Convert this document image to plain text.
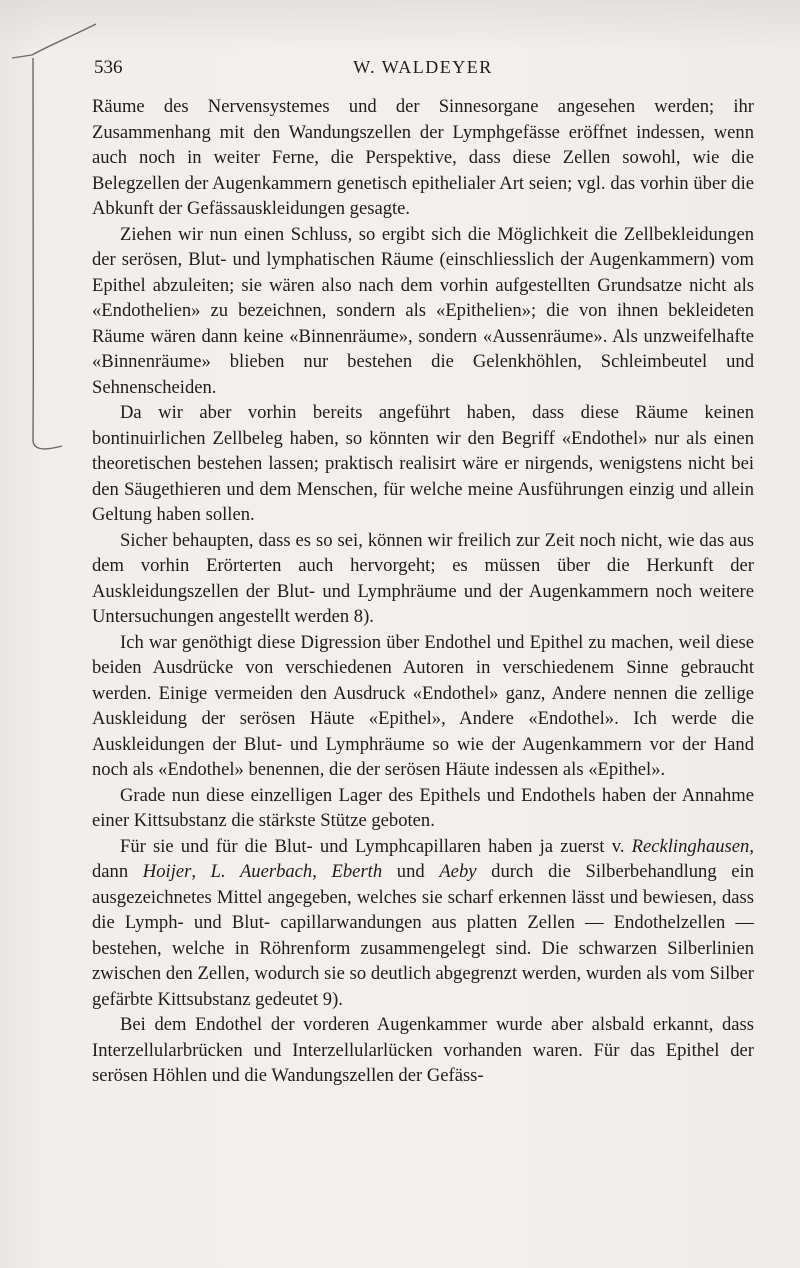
536	W. WALDEYER

Räume des Nervensystemes und der Sinnesorgane angesehen werden; ihr Zusammenhang mit den Wandungszellen der Lymphgefässe eröffnet indessen, wenn auch noch in weiter Ferne, die Perspektive, dass diese Zellen sowohl, wie die Belegzellen der Augenkammern genetisch epithelialer Art seien; vgl. das vorhin über die Abkunft der Gefässauskleidungen gesagte.

Ziehen wir nun einen Schluss, so ergibt sich die Möglichkeit die Zellbekleidungen der serösen, Blut- und lymphatischen Räume (einschliesslich der Augenkammern) vom Epithel abzuleiten; sie wären also nach dem vorhin aufgestellten Grundsatze nicht als «Endothelien» zu bezeichnen, sondern als «Epithelien»; die von ihnen bekleideten Räume wären dann keine «Binnenräume», sondern «Aussenräume». Als unzweifelhafte «Binnenräume» blieben nur bestehen die Gelenkhöhlen, Schleimbeutel und Sehnenscheiden.

Da wir aber vorhin bereits angeführt haben, dass diese Räume keinen bontinuirlichen Zellbeleg haben, so könnten wir den Begriff «Endothel» nur als einen theoretischen bestehen lassen; praktisch realisirt wäre er nirgends, wenigstens nicht bei den Säugethieren und dem Menschen, für welche meine Ausführungen einzig und allein Geltung haben sollen.

Sicher behaupten, dass es so sei, können wir freilich zur Zeit noch nicht, wie das aus dem vorhin Erörterten auch hervorgeht; es müssen über die Herkunft der Auskleidungszellen der Blut- und Lymphräume und der Augenkammern noch weitere Untersuchungen angestellt werden 8).

Ich war genöthigt diese Digression über Endothel und Epithel zu machen, weil diese beiden Ausdrücke von verschiedenen Autoren in verschiedenem Sinne gebraucht werden. Einige vermeiden den Ausdruck «Endothel» ganz, Andere nennen die zellige Auskleidung der serösen Häute «Epithel», Andere «Endothel». Ich werde die Auskleidungen der Blut- und Lymphräume so wie der Augenkammern vor der Hand noch als «Endothel» benennen, die der serösen Häute indessen als «Epithel».

Grade nun diese einzelligen Lager des Epithels und Endothels haben der Annahme einer Kittsubstanz die stärkste Stütze geboten.

Für sie und für die Blut- und Lymphcapillaren haben ja zuerst v. Recklinghausen, dann Hoijer, L. Auerbach, Eberth und Aeby durch die Silberbehandlung ein ausgezeichnetes Mittel angegeben, welches sie scharf erkennen lässt und bewiesen, dass die Lymph- und Blut- capillarwandungen aus platten Zellen — Endothelzellen — bestehen, welche in Röhrenform zusammengelegt sind. Die schwarzen Silberlinien zwischen den Zellen, wodurch sie so deutlich abgegrenzt werden, wurden als vom Silber gefärbte Kittsubstanz gedeutet 9).

Bei dem Endothel der vorderen Augenkammer wurde aber alsbald erkannt, dass Interzellularbrücken und Interzellularlücken vorhanden waren. Für das Epithel der serösen Höhlen und die Wandungszellen der Gefäss-
